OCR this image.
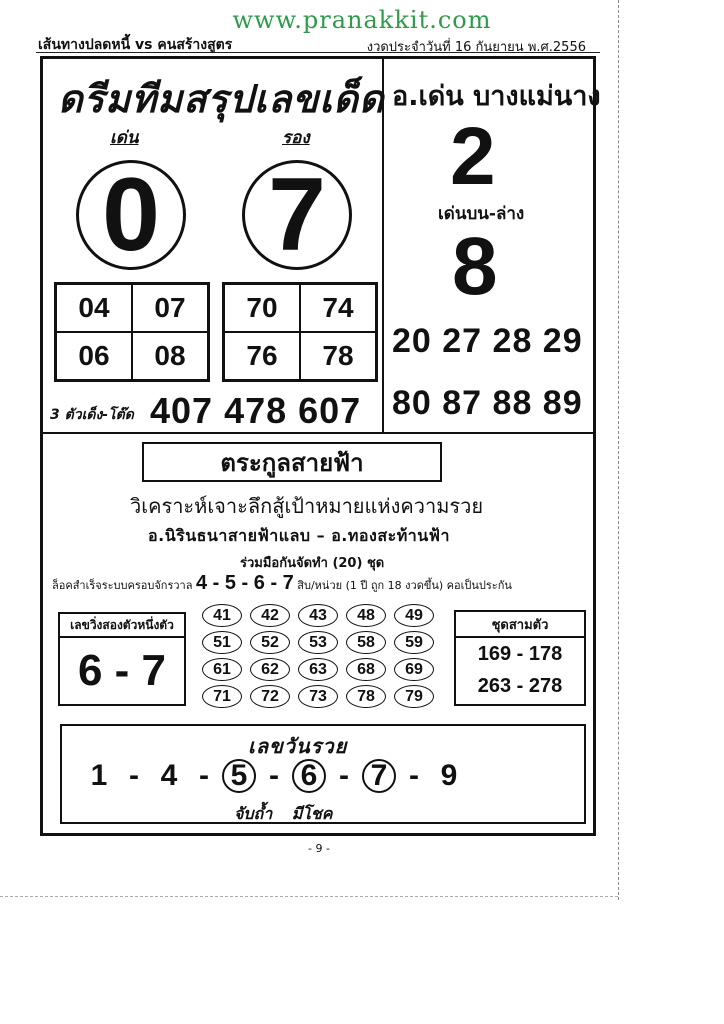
www.pranakkit.com
เส้นทางปลดหนี้ vs คนสร้างสูตร	งวดประจำวันที่ 16 กันยายน พ.ศ.2556
ดรีมทีมสรุปเลขเด็ด
เด่น	รอง
0 7
04	07
06	08
70	74
76	78
3 ตัวเด็ง-โต๊ด 407 478 607
อ.เด่น บางแม่นาง
2
เด่นบน-ล่าง
8
20 27 28 29
80 87 88 89
ตระกูลสายฟ้า
วิเคราะห์เจาะลึกสู้เป้าหมายแห่งความรวย
อ.นิรินธนาสายฟ้าแลบ – อ.ทองสะท้านฟ้า
ร่วมมือกันจัดทำ (20) ชุด
ล็อคสำเร็จระบบครอบจักรวาล 4 - 5 - 6 - 7 สิบ/หน่วย (1 ปี ถูก 18 งวดขึ้น) คอเป็นประกัน
เลขวิ่งสองตัวหนึ่งตัว
6 - 7
41	42	43	48	49
51	52	53	58	59
61	62	63	68	69
71	72	73	78	79
ชุดสามตัว
169 - 178
263 - 278
เลขวันรวย
1 - 4 - 5 - 6 - 7 - 9
จับถ้ำ มีโชค
- 9 -
